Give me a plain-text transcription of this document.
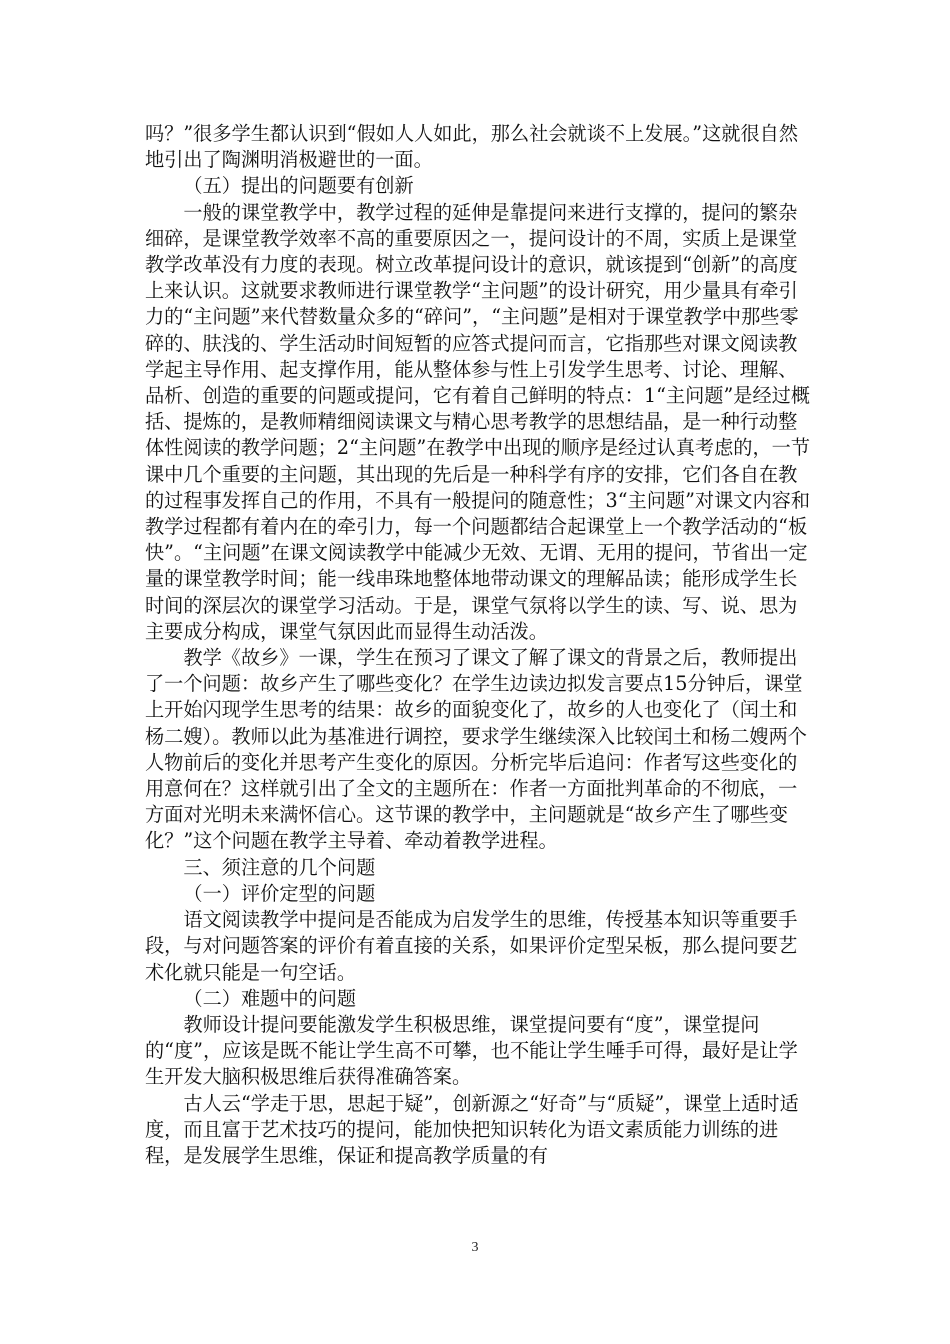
吗？”很多学生都认识到“假如人人如此，那么社会就谈不上发展。”这就很自然地引出了陶渊明消极避世的一面。

（五）提出的问题要有创新

一般的课堂教学中，教学过程的延伸是靠提问来进行支撑的，提问的繁杂细碎，是课堂教学效率不高的重要原因之一，提问设计的不周，实质上是课堂教学改革没有力度的表现。树立改革提问设计的意识，就该提到“创新”的高度上来认识。这就要求教师进行课堂教学“主问题”的设计研究，用少量具有牵引力的“主问题”来代替数量众多的“碎问”，“主问题”是相对于课堂教学中那些零碎的、肤浅的、学生活动时间短暂的应答式提问而言，它指那些对课文阅读教学起主导作用、起支撑作用，能从整体参与性上引发学生思考、讨论、理解、品析、创造的重要的问题或提问，它有着自己鲜明的特点：1“主问题”是经过概括、提炼的，是教师精细阅读课文与精心思考教学的思想结晶，是一种行动整体性阅读的教学问题；2“主问题”在教学中出现的顺序是经过认真考虑的，一节课中几个重要的主问题，其出现的先后是一种科学有序的安排，它们各自在教的过程事发挥自己的作用，不具有一般提问的随意性；3“主问题”对课文内容和教学过程都有着内在的牵引力，每一个问题都结合起课堂上一个教学活动的“板快”。“主问题”在课文阅读教学中能减少无效、无谓、无用的提问，节省出一定量的课堂教学时间；能一线串珠地整体地带动课文的理解品读；能形成学生长时间的深层次的课堂学习活动。于是，课堂气氛将以学生的读、写、说、思为主要成分构成，课堂气氛因此而显得生动活泼。

教学《故乡》一课，学生在预习了课文了解了课文的背景之后，教师提出了一个问题：故乡产生了哪些变化？在学生边读边拟发言要点15分钟后，课堂上开始闪现学生思考的结果：故乡的面貌变化了，故乡的人也变化了（闰土和杨二嫂）。教师以此为基准进行调控，要求学生继续深入比较闰土和杨二嫂两个人物前后的变化并思考产生变化的原因。分析完毕后追问：作者写这些变化的用意何在？这样就引出了全文的主题所在：作者一方面批判革命的不彻底，一方面对光明未来满怀信心。这节课的教学中，主问题就是“故乡产生了哪些变化？”这个问题在教学主导着、牵动着教学进程。

三、须注意的几个问题

（一）评价定型的问题

语文阅读教学中提问是否能成为启发学生的思维，传授基本知识等重要手段，与对问题答案的评价有着直接的关系，如果评价定型呆板，那么提问要艺术化就只能是一句空话。

（二）难题中的问题

教师设计提问要能激发学生积极思维，课堂提问要有“度”，课堂提问的“度”，应该是既不能让学生高不可攀，也不能让学生唾手可得，最好是让学生开发大脑积极思维后获得准确答案。

古人云“学走于思，思起于疑”，创新源之“好奇”与“质疑”，课堂上适时适度，而且富于艺术技巧的提问，能加快把知识转化为语文素质能力训练的进程，是发展学生思维，保证和提高教学质量的有

3
